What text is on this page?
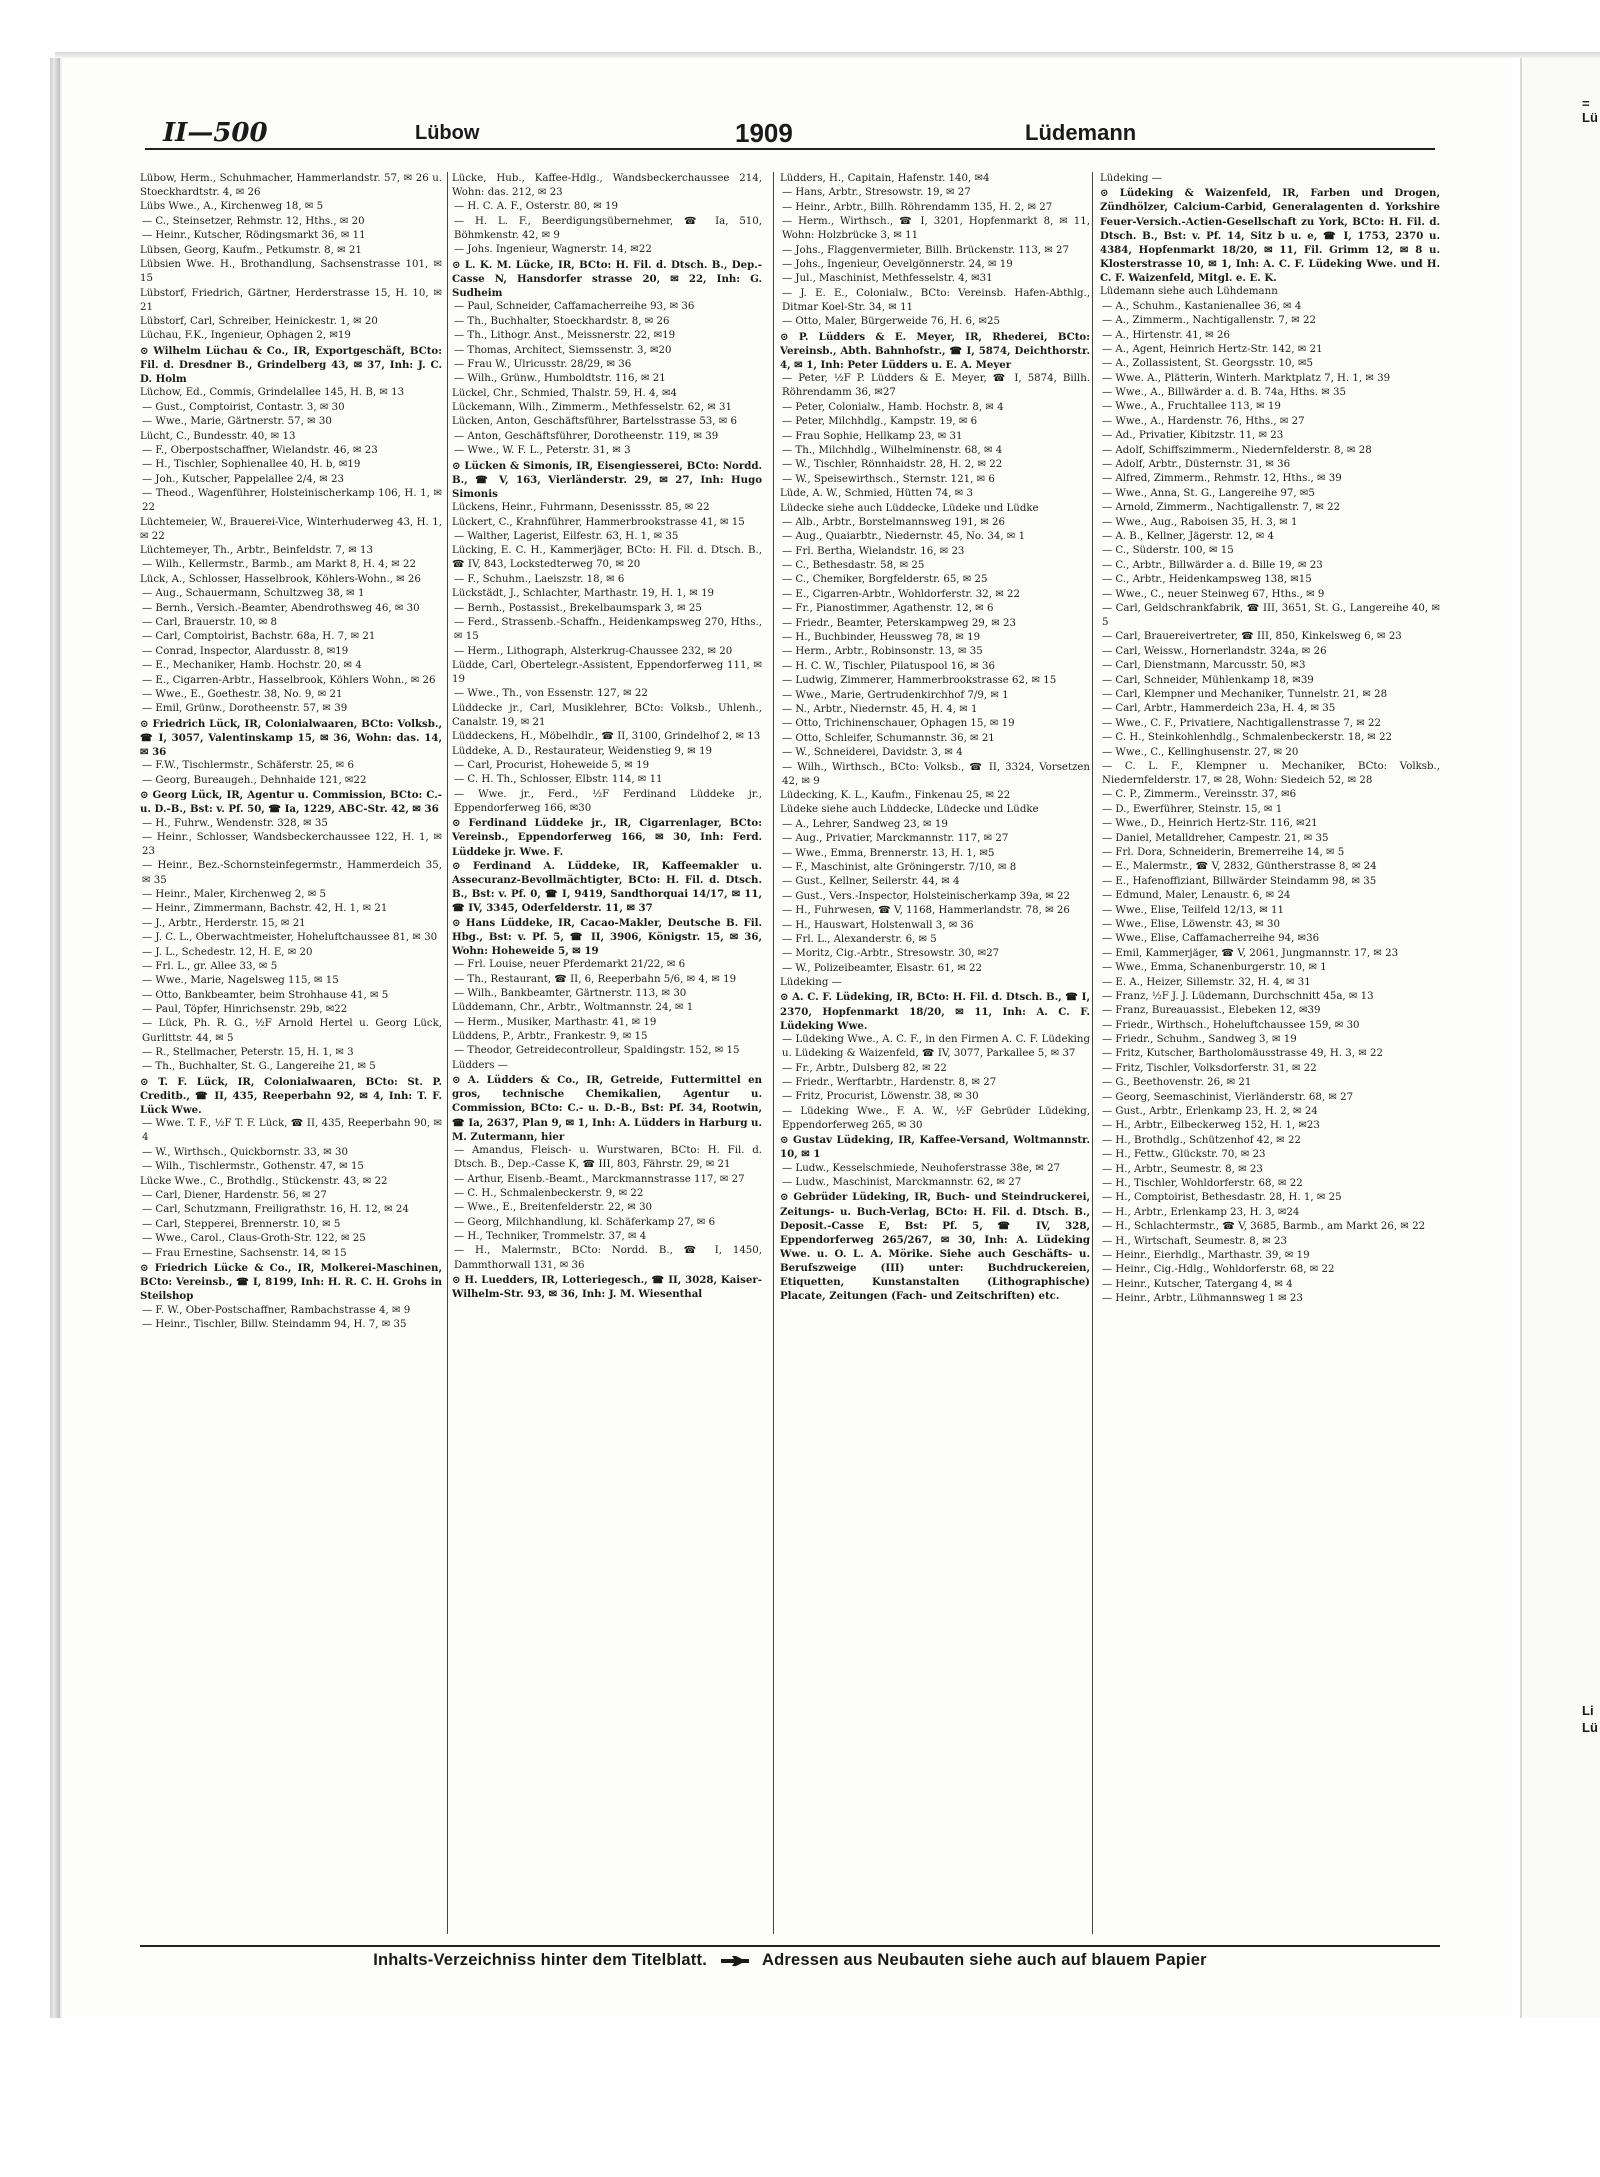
=
Lü
Li
Lü
II—500	Lübow	1909	Lüdemann

Lübow, Herm., Schuhmacher, Hammerlandstr. 57, ✉ 26 u. Stoeckhardtstr. 4, ✉ 26

Lübs Wwe., A., Kirchenweg 18, ✉ 5

— C., Steinsetzer, Rehmstr. 12, Hths., ✉ 20

— Heinr., Kutscher, Rödingsmarkt 36, ✉ 11

Lübsen, Georg, Kaufm., Petkumstr. 8, ✉ 21

Lübsien Wwe. H., Brothandlung, Sachsenstrasse 101, ✉ 15

Lübstorf, Friedrich, Gärtner, Herderstrasse 15, H. 10, ✉ 21

Lübstorf, Carl, Schreiber, Heinickestr. 1, ✉ 20

Lüchau, F.K., Ingenieur, Ophagen 2, ✉19

⊙ Wilhelm Lüchau & Co., IR, Exportgeschäft, BCto: Fil. d. Dresdner B., Grindelberg 43, ✉ 37, Inh: J. C. D. Holm

Lüchow, Ed., Commis, Grindelallee 145, H. B, ✉ 13

— Gust., Comptoirist, Contastr. 3, ✉ 30

— Wwe., Marie, Gärtnerstr. 57, ✉ 30

Lücht, C., Bundesstr. 40, ✉ 13

— F., Oberpostschaffner, Wielandstr. 46, ✉ 23

— H., Tischler, Sophienallee 40, H. b, ✉19

— Joh., Kutscher, Pappelallee 2/4, ✉ 23

— Theod., Wagenführer, Holsteinischerkamp 106, H. 1, ✉ 22

Lüchtemeier, W., Brauerei-Vice, Winterhuderweg 43, H. 1, ✉ 22

Lüchtemeyer, Th., Arbtr., Beinfeldstr. 7, ✉ 13

— Wilh., Kellermstr., Barmb., am Markt 8, H. 4, ✉ 22

Lück, A., Schlosser, Hasselbrook, Köhlers-Wohn., ✉ 26

— Aug., Schauermann, Schultzweg 38, ✉ 1

— Bernh., Versich.-Beamter, Abendrothsweg 46, ✉ 30

— Carl, Brauerstr. 10, ✉ 8

— Carl, Comptoirist, Bachstr. 68a, H. 7, ✉ 21

— Conrad, Inspector, Alardusstr. 8, ✉19

— E., Mechaniker, Hamb. Hochstr. 20, ✉ 4

— E., Cigarren-Arbtr., Hasselbrook, Köhlers Wohn., ✉ 26

— Wwe., E., Goethestr. 38, No. 9, ✉ 21

— Emil, Grünw., Dorotheenstr. 57, ✉ 39

⊙ Friedrich Lück, IR, Colonialwaaren, BCto: Volksb., ☎ I, 3057, Valentinskamp 15, ✉ 36, Wohn: das. 14, ✉ 36

— F.W., Tischlermstr., Schäferstr. 25, ✉ 6

— Georg, Bureaugeh., Dehnhaide 121, ✉22

⊙ Georg Lück, IR, Agentur u. Commission, BCto: C.- u. D.-B., Bst: v. Pf. 50, ☎ Ia, 1229, ABC-Str. 42, ✉ 36

— H., Fuhrw., Wendenstr. 328, ✉ 35

— Heinr., Schlosser, Wandsbeckerchaussee 122, H. 1, ✉ 23

— Heinr., Bez.-Schornsteinfegermstr., Hammerdeich 35, ✉ 35

— Heinr., Maler, Kirchenweg 2, ✉ 5

— Heinr., Zimmermann, Bachstr. 42, H. 1, ✉ 21

— J., Arbtr., Herderstr. 15, ✉ 21

— J. C. L., Oberwachtmeister, Hoheluftchaussee 81, ✉ 30

— J. L., Schedestr. 12, H. E, ✉ 20

— Frl. L., gr. Allee 33, ✉ 5

— Wwe., Marie, Nagelsweg 115, ✉ 15

— Otto, Bankbeamter, beim Strohhause 41, ✉ 5

— Paul, Töpfer, Hinrichsenstr. 29b, ✉22

— Lück, Ph. R. G., ½F Arnold Hertel u. Georg Lück, Gurlittstr. 44, ✉ 5

— R., Stellmacher, Peterstr. 15, H. 1, ✉ 3

— Th., Buchhalter, St. G., Langereihe 21, ✉ 5

⊙ T. F. Lück, IR, Colonialwaaren, BCto: St. P. Creditb., ☎ II, 435, Reeperbahn 92, ✉ 4, Inh: T. F. Lück Wwe.

— Wwe. T. F., ½F T. F. Lück, ☎ II, 435, Reeperbahn 90, ✉ 4

— W., Wirthsch., Quickbornstr. 33, ✉ 30

— Wilh., Tischlermstr., Gothenstr. 47, ✉ 15

Lücke Wwe., C., Brothdlg., Stückenstr. 43, ✉ 22

— Carl, Diener, Hardenstr. 56, ✉ 27

— Carl, Schutzmann, Freiligrathstr. 16, H. 12, ✉ 24

— Carl, Stepperei, Brennerstr. 10, ✉ 5

— Wwe., Carol., Claus-Groth-Str. 122, ✉ 25

— Frau Ernestine, Sachsenstr. 14, ✉ 15

⊙ Friedrich Lücke & Co., IR, Molkerei-Maschinen, BCto: Vereinsb., ☎ I, 8199, Inh: H. R. C. H. Grohs in Steilshop

— F. W., Ober-Postschaffner, Rambachstrasse 4, ✉ 9

— Heinr., Tischler, Billw. Steindamm 94, H. 7, ✉ 35

Lücke, Hub., Kaffee-Hdlg., Wandsbeckerchaussee 214, Wohn: das. 212, ✉ 23

— H. C. A. F., Osterstr. 80, ✉ 19

— H. L. F., Beerdigungsübernehmer, ☎ Ia, 510, Böhmkenstr. 42, ✉ 9

— Johs. Ingenieur, Wagnerstr. 14, ✉22

⊙ L. K. M. Lücke, IR, BCto: H. Fil. d. Dtsch. B., Dep.-Casse N, Hansdorfer strasse 20, ✉ 22, Inh: G. Sudheim

— Paul, Schneider, Caffamacherreihe 93, ✉ 36

— Th., Buchhalter, Stoeckhardstr. 8, ✉ 26

— Th., Lithogr. Anst., Meissnerstr. 22, ✉19

— Thomas, Architect, Siemssenstr. 3, ✉20

— Frau W., Ulricusstr. 28/29, ✉ 36

— Wilh., Grünw., Humboldtstr. 116, ✉ 21

Lückel, Chr., Schmied, Thalstr. 59, H. 4, ✉4

Lückemann, Wilh., Zimmerm., Methfesselstr. 62, ✉ 31

Lücken, Anton, Geschäftsführer, Bartelsstrasse 53, ✉ 6

— Anton, Geschäftsführer, Dorotheenstr. 119, ✉ 39

— Wwe., W. F. L., Peterstr. 31, ✉ 3

⊙ Lücken & Simonis, IR, Eisengiesserei, BCto: Nordd. B., ☎ V, 163, Vierländerstr. 29, ✉ 27, Inh: Hugo Simonis

Lückens, Heinr., Fuhrmann, Desenissstr. 85, ✉ 22

Lückert, C., Krahnführer, Hammerbrookstrasse 41, ✉ 15

— Walther, Lagerist, Eilfestr. 63, H. 1, ✉ 35

Lücking, E. C. H., Kammerjäger, BCto: H. Fil. d. Dtsch. B., ☎ IV, 843, Lockstedterweg 70, ✉ 20

— F., Schuhm., Laeiszstr. 18, ✉ 6

Lückstädt, J., Schlachter, Marthastr. 19, H. 1, ✉ 19

— Bernh., Postassist., Brekelbaumspark 3, ✉ 25

— Ferd., Strassenb.-Schaffn., Heidenkampsweg 270, Hths., ✉ 15

— Herm., Lithograph, Alsterkrug-Chaussee 232, ✉ 20

Lüdde, Carl, Obertelegr.-Assistent, Eppendorferweg 111, ✉ 19

— Wwe., Th., von Essenstr. 127, ✉ 22

Lüddecke jr., Carl, Musiklehrer, BCto: Volksb., Uhlenh., Canalstr. 19, ✉ 21

Lüddeckens, H., Möbelhdlr., ☎ II, 3100, Grindelhof 2, ✉ 13

Lüddeke, A. D., Restaurateur, Weidenstieg 9, ✉ 19

— Carl, Procurist, Hoheweide 5, ✉ 19

— C. H. Th., Schlosser, Elbstr. 114, ✉ 11

— Wwe. jr., Ferd., ½F Ferdinand Lüddeke jr., Eppendorferweg 166, ✉30

⊙ Ferdinand Lüddeke jr., IR, Cigarrenlager, BCto: Vereinsb., Eppendorferweg 166, ✉ 30, Inh: Ferd. Lüddeke jr. Wwe. F.

⊙ Ferdinand A. Lüddeke, IR, Kaffeemakler u. Assecuranz-Bevollmächtigter, BCto: H. Fil. d. Dtsch. B., Bst: v. Pf. 0, ☎ I, 9419, Sandthorquai 14/17, ✉ 11, ☎ IV, 3345, Oderfelderstr. 11, ✉ 37

⊙ Hans Lüddeke, IR, Cacao-Makler, Deutsche B. Fil. Hbg., Bst: v. Pf. 5, ☎ II, 3906, Königstr. 15, ✉ 36, Wohn: Hoheweide 5, ✉ 19

— Frl. Louise, neuer Pferdemarkt 21/22, ✉ 6

— Th., Restaurant, ☎ II, 6, Reeperbahn 5/6, ✉ 4, ✉ 19

— Wilh., Bankbeamter, Gärtnerstr. 113, ✉ 30

Lüddemann, Chr., Arbtr., Woltmannstr. 24, ✉ 1

— Herm., Musiker, Marthastr. 41, ✉ 19

Lüddens, P., Arbtr., Frankestr. 9, ✉ 15

— Theodor, Getreidecontrolleur, Spaldingstr. 152, ✉ 15

Lüdders —

⊙ A. Lüdders & Co., IR, Getreide, Futtermittel en gros, technische Chemikalien, Agentur u. Commission, BCto: C.- u. D.-B., Bst: Pf. 34, Rootwin, ☎ Ia, 2637, Plan 9, ✉ 1, Inh: A. Lüdders in Harburg u. M. Zutermann, hier

— Amandus, Fleisch- u. Wurstwaren, BCto: H. Fil. d. Dtsch. B., Dep.-Casse K, ☎ III, 803, Fährstr. 29, ✉ 21

— Arthur, Eisenb.-Beamt., Marckmannstrasse 117, ✉ 27

— C. H., Schmalenbeckerstr. 9, ✉ 22

— Wwe., E., Breitenfelderstr. 22, ✉ 30

— Georg, Milchhandlung, kl. Schäferkamp 27, ✉ 6

— H., Techniker, Trommelstr. 37, ✉ 4

— H., Malermstr., BCto: Nordd. B., ☎ I, 1450, Dammthorwall 131, ✉ 36

⊙ H. Luedders, IR, Lotteriegesch., ☎ II, 3028, Kaiser-Wilhelm-Str. 93, ✉ 36, Inh: J. M. Wiesenthal

Lüdders, H., Capitain, Hafenstr. 140, ✉4

— Hans, Arbtr., Stresowstr. 19, ✉ 27

— Heinr., Arbtr., Billh. Röhrendamm 135, H. 2, ✉ 27

— Herm., Wirthsch., ☎ I, 3201, Hopfenmarkt 8, ✉ 11, Wohn: Holzbrücke 3, ✉ 11

— Johs., Flaggenvermieter, Billh. Brückenstr. 113, ✉ 27

— Johs., Ingenieur, Oevelgönnerstr. 24, ✉ 19

— Jul., Maschinist, Methfesselstr. 4, ✉31

— J. E. E., Colonialw., BCto: Vereinsb. Hafen-Abthlg., Ditmar Koel-Str. 34, ✉ 11

— Otto, Maler, Bürgerweide 76, H. 6, ✉25

⊙ P. Lüdders & E. Meyer, IR, Rhederei, BCto: Vereinsb., Abth. Bahnhofstr., ☎ I, 5874, Deichthorstr. 4, ✉ 1, Inh: Peter Lüdders u. E. A. Meyer

— Peter, ½F P. Lüdders & E. Meyer, ☎ I, 5874, Billh. Röhrendamm 36, ✉27

— Peter, Colonialw., Hamb. Hochstr. 8, ✉ 4

— Peter, Milchhdlg., Kampstr. 19, ✉ 6

— Frau Sophie, Hellkamp 23, ✉ 31

— Th., Milchhdlg., Wilhelminenstr. 68, ✉ 4

— W., Tischler, Rönnhaidstr. 28, H. 2, ✉ 22

— W., Speisewirthsch., Sternstr. 121, ✉ 6

Lüde, A. W., Schmied, Hütten 74, ✉ 3

Lüdecke siehe auch Lüddecke, Lüdeke und Lüdke

— Alb., Arbtr., Borstelmannsweg 191, ✉ 26

— Aug., Quaiarbtr., Niedernstr. 45, No. 34, ✉ 1

— Frl. Bertha, Wielandstr. 16, ✉ 23

— C., Bethesdastr. 58, ✉ 25

— C., Chemiker, Borgfelderstr. 65, ✉ 25

— E., Cigarren-Arbtr., Wohldorferstr. 32, ✉ 22

— Fr., Pianostimmer, Agathenstr. 12, ✉ 6

— Friedr., Beamter, Peterskampweg 29, ✉ 23

— H., Buchbinder, Heussweg 78, ✉ 19

— Herm., Arbtr., Robinsonstr. 13, ✉ 35

— H. C. W., Tischler, Pilatuspool 16, ✉ 36

— Ludwig, Zimmerer, Hammerbrookstrasse 62, ✉ 15

— Wwe., Marie, Gertrudenkirchhof 7/9, ✉ 1

— N., Arbtr., Niedernstr. 45, H. 4, ✉ 1

— Otto, Trichinenschauer, Ophagen 15, ✉ 19

— Otto, Schleifer, Schumannstr. 36, ✉ 21

— W., Schneiderei, Davidstr. 3, ✉ 4

— Wilh., Wirthsch., BCto: Volksb., ☎ II, 3324, Vorsetzen 42, ✉ 9

Lüdecking, K. L., Kaufm., Finkenau 25, ✉ 22

Lüdeke siehe auch Lüddecke, Lüdecke und Lüdke

— A., Lehrer, Sandweg 23, ✉ 19

— Aug., Privatier, Marckmannstr. 117, ✉ 27

— Wwe., Emma, Brennerstr. 13, H. 1, ✉5

— F., Maschinist, alte Gröningerstr. 7/10, ✉ 8

— Gust., Kellner, Seilerstr. 44, ✉ 4

— Gust., Vers.-Inspector, Holsteinischerkamp 39a, ✉ 22

— H., Fuhrwesen, ☎ V, 1168, Hammerlandstr. 78, ✉ 26

— H., Hauswart, Holstenwall 3, ✉ 36

— Frl. L., Alexanderstr. 6, ✉ 5

— Moritz, Cig.-Arbtr., Stresowstr. 30, ✉27

— W., Polizeibeamter, Elsastr. 61, ✉ 22

Lüdeking —

⊙ A. C. F. Lüdeking, IR, BCto: H. Fil. d. Dtsch. B., ☎ I, 2370, Hopfenmarkt 18/20, ✉ 11, Inh: A. C. F. Lüdeking Wwe.

— Lüdeking Wwe., A. C. F., in den Firmen A. C. F. Lüdeking u. Lüdeking & Waizenfeld, ☎ IV, 3077, Parkallee 5, ✉ 37

— Fr., Arbtr., Dulsberg 82, ✉ 22

— Friedr., Werftarbtr., Hardenstr. 8, ✉ 27

— Fritz, Procurist, Löwenstr. 38, ✉ 30

— Lüdeking Wwe., F. A. W., ½F Gebrüder Lüdeking, Eppendorferweg 265, ✉ 30

⊙ Gustav Lüdeking, IR, Kaffee-Versand, Woltmannstr. 10, ✉ 1

— Ludw., Kesselschmiede, Neuhoferstrasse 38e, ✉ 27

— Ludw., Maschinist, Marckmannstr. 62, ✉ 27

⊙ Gebrüder Lüdeking, IR, Buch- und Steindruckerei, Zeitungs- u. Buch-Verlag, BCto: H. Fil. d. Dtsch. B., Deposit.-Casse E, Bst: Pf. 5, ☎ IV, 328, Eppendorferweg 265/267, ✉ 30, Inh: A. Lüdeking Wwe. u. O. L. A. Mörike. Siehe auch Geschäfts- u. Berufszweige (III) unter: Buchdruckereien, Etiquetten, Kunstanstalten (Lithographische) Placate, Zeitungen (Fach- und Zeitschriften) etc.

Lüdeking —

⊙ Lüdeking & Waizenfeld, IR, Farben und Drogen, Zündhölzer, Calcium-Carbid, Generalagenten d. Yorkshire Feuer-Versich.-Actien-Gesellschaft zu York, BCto: H. Fil. d. Dtsch. B., Bst: v. Pf. 14, Sitz b u. e, ☎ I, 1753, 2370 u. 4384, Hopfenmarkt 18/20, ✉ 11, Fil. Grimm 12, ✉ 8 u. Klosterstrasse 10, ✉ 1, Inh: A. C. F. Lüdeking Wwe. und H. C. F. Waizenfeld, Mitgl. e. E. K.

Lüdemann siehe auch Lühdemann

— A., Schuhm., Kastanienallee 36, ✉ 4

— A., Zimmerm., Nachtigallenstr. 7, ✉ 22

— A., Hirtenstr. 41, ✉ 26

— A., Agent, Heinrich Hertz-Str. 142, ✉ 21

— A., Zollassistent, St. Georgsstr. 10, ✉5

— Wwe. A., Plätterin, Winterh. Marktplatz 7, H. 1, ✉ 39

— Wwe., A., Billwärder a. d. B. 74a, Hths. ✉ 35

— Wwe., A., Fruchtallee 113, ✉ 19

— Wwe., A., Hardenstr. 76, Hths., ✉ 27

— Ad., Privatier, Kibitzstr. 11, ✉ 23

— Adolf, Schiffszimmerm., Niedernfelderstr. 8, ✉ 28

— Adolf, Arbtr., Düsternstr. 31, ✉ 36

— Alfred, Zimmerm., Rehmstr. 12, Hths., ✉ 39

— Wwe., Anna, St. G., Langereihe 97, ✉5

— Arnold, Zimmerm., Nachtigallenstr. 7, ✉ 22

— Wwe., Aug., Raboisen 35, H. 3, ✉ 1

— A. B., Kellner, Jägerstr. 12, ✉ 4

— C., Süderstr. 100, ✉ 15

— C., Arbtr., Billwärder a. d. Bille 19, ✉ 23

— C., Arbtr., Heidenkampsweg 138, ✉15

— Wwe., C., neuer Steinweg 67, Hths., ✉ 9

— Carl, Geldschrankfabrik, ☎ III, 3651, St. G., Langereihe 40, ✉ 5

— Carl, Brauereivertreter, ☎ III, 850, Kinkelsweg 6, ✉ 23

— Carl, Weissw., Hornerlandstr. 324a, ✉ 26

— Carl, Dienstmann, Marcusstr. 50, ✉3

— Carl, Schneider, Mühlenkamp 18, ✉39

— Carl, Klempner und Mechaniker, Tunnelstr. 21, ✉ 28

— Carl, Arbtr., Hammerdeich 23a, H. 4, ✉ 35

— Wwe., C. F., Privatiere, Nachtigallenstrasse 7, ✉ 22

— C. H., Steinkohlenhdlg., Schmalenbeckerstr. 18, ✉ 22

— Wwe., C., Kellinghusenstr. 27, ✉ 20

— C. L. F., Klempner u. Mechaniker, BCto: Volksb., Niedernfelderstr. 17, ✉ 28, Wohn: Siedeich 52, ✉ 28

— C. P., Zimmerm., Vereinsstr. 37, ✉6

— D., Ewerführer, Steinstr. 15, ✉ 1

— Wwe., D., Heinrich Hertz-Str. 116, ✉21

— Daniel, Metalldreher, Campestr. 21, ✉ 35

— Frl. Dora, Schneiderin, Bremerreihe 14, ✉ 5

— E., Malermstr., ☎ V, 2832, Güntherstrasse 8, ✉ 24

— E., Hafenoffiziant, Billwärder Steindamm 98, ✉ 35

— Edmund, Maler, Lenaustr. 6, ✉ 24

— Wwe., Elise, Teilfeld 12/13, ✉ 11

— Wwe., Elise, Löwenstr. 43, ✉ 30

— Wwe., Elise, Caffamacherreihe 94, ✉36

— Emil, Kammerjäger, ☎ V, 2061, Jungmannstr. 17, ✉ 23

— Wwe., Emma, Schanenburgerstr. 10, ✉ 1

— E. A., Heizer, Sillemstr. 32, H. 4, ✉ 31

— Franz, ½F J. J. Lüdemann, Durchschnitt 45a, ✉ 13

— Franz, Bureauassist., Elebeken 12, ✉39

— Friedr., Wirthsch., Hoheluftchaussee 159, ✉ 30

— Friedr., Schuhm., Sandweg 3, ✉ 19

— Fritz, Kutscher, Bartholomäusstrasse 49, H. 3, ✉ 22

— Fritz, Tischler, Volksdorferstr. 31, ✉ 22

— G., Beethovenstr. 26, ✉ 21

— Georg, Seemaschinist, Vierländerstr. 68, ✉ 27

— Gust., Arbtr., Erlenkamp 23, H. 2, ✉ 24

— H., Arbtr., Eilbeckerweg 152, H. 1, ✉23

— H., Brothdlg., Schützenhof 42, ✉ 22

— H., Fettw., Glückstr. 70, ✉ 23

— H., Arbtr., Seumestr. 8, ✉ 23

— H., Tischler, Wohldorferstr. 68, ✉ 22

— H., Comptoirist, Bethesdastr. 28, H. 1, ✉ 25

— H., Arbtr., Erlenkamp 23, H. 3, ✉24

— H., Schlachtermstr., ☎ V, 3685, Barmb., am Markt 26, ✉ 22

— H., Wirtschaft, Seumestr. 8, ✉ 23

— Heinr., Eierhdlg., Marthastr. 39, ✉ 19

— Heinr., Cig.-Hdlg., Wohldorferstr. 68, ✉ 22

— Heinr., Kutscher, Tatergang 4, ✉ 4

— Heinr., Arbtr., Lühmannsweg 1 ✉ 23

Inhalts-Verzeichniss hinter dem Titelblatt.	Adressen aus Neubauten siehe auch auf blauem Papier
